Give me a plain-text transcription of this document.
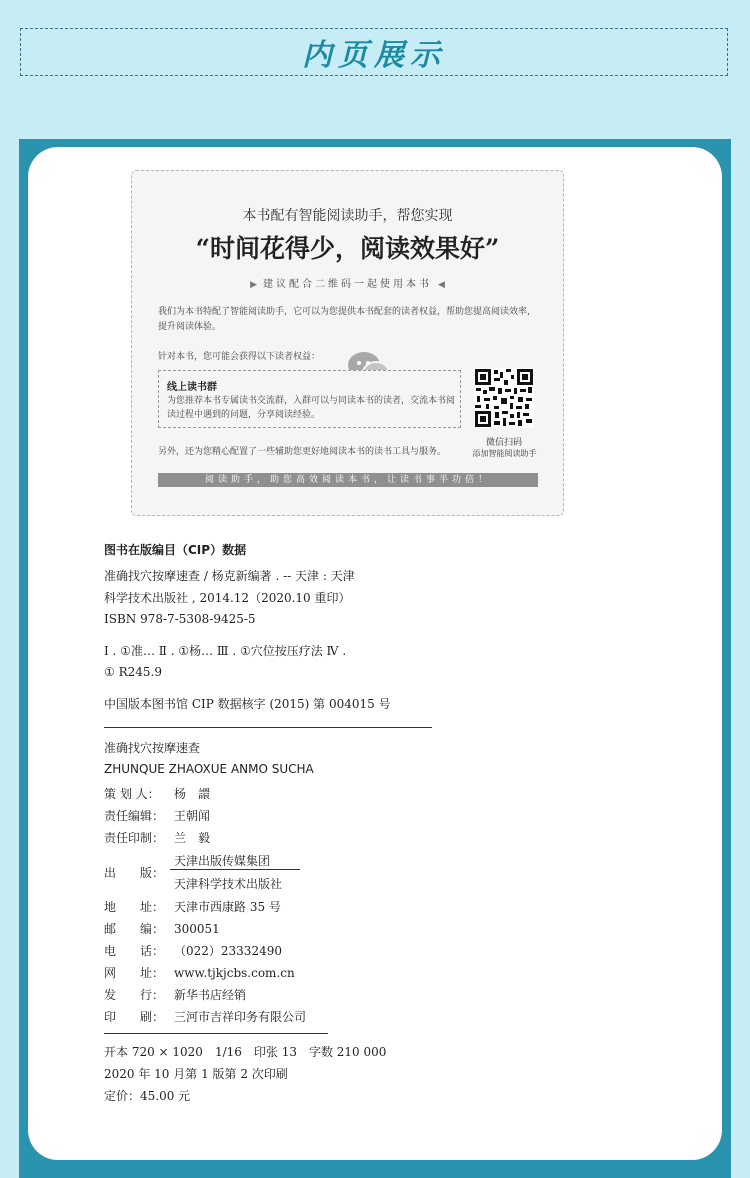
内页展示
本书配有智能阅读助手，帮您实现
“时间花得少，阅读效果好”
▶ 建议配合二维码一起使用本书 ◀
我们为本书特配了智能阅读助手，它可以为您提供本书配套的读者权益，帮助您提高阅读效率，提升阅读体验。
针对本书，您可能会获得以下读者权益：
线上读书群
为您推荐本书专属读书交流群，入群可以与同读本书的读者，交流本书阅读过程中遇到的问题，分享阅读经验。
微信扫码
添加智能阅读助手
另外，还为您精心配置了一些辅助您更好地阅读本书的读书工具与服务。
阅读助手，助您高效阅读本书，让读书事半功倍！
图书在版编目（CIP）数据
准确找穴按摩速查 / 杨克新编著 . -- 天津 : 天津
科学技术出版社 , 2014.12（2020.10 重印）
ISBN 978-7-5308-9425-5
Ⅰ . ①准… Ⅱ . ①杨… Ⅲ . ①穴位按压疗法 Ⅳ .
① R245.9
中国版本图书馆 CIP 数据核字 (2015) 第 004015 号
准确找穴按摩速查
ZHUNQUE ZHAOXUE ANMO SUCHA
策 划 人： 杨　譞
责任编辑： 王朝闻
责任印制： 兰　毅
出　　版：
天津出版传媒集团
天津科学技术出版社
地　　址： 天津市西康路 35 号
邮　　编： 300051
电　　话： （022）23332490
网　　址： www.tjkjcbs.com.cn
发　　行： 新华书店经销
印　　刷： 三河市吉祥印务有限公司
开本 720 × 1020　1/16　印张 13　字数 210 000
2020 年 10 月第 1 版第 2 次印刷
定价：45.00 元
